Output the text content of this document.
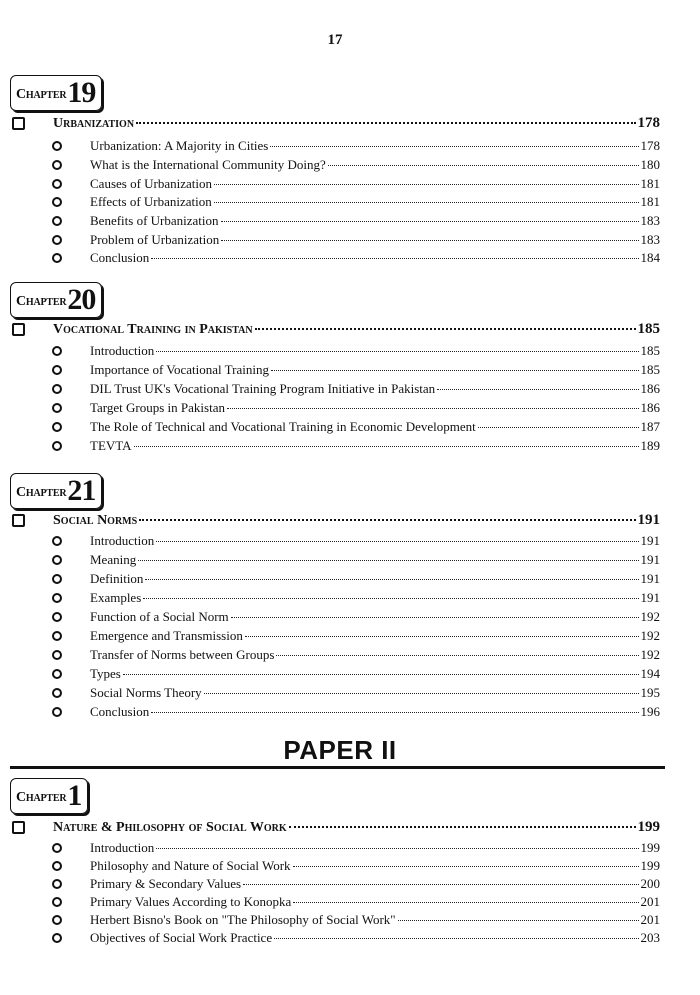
17
Chapter 19
Urbanization	178
Urbanization: A Majority in Cities	178
What is the International Community Doing?	180
Causes of Urbanization	181
Effects of Urbanization	181
Benefits of Urbanization	183
Problem of Urbanization	183
Conclusion	184
Chapter 20
Vocational Training in Pakistan	185
Introduction	185
Importance of Vocational Training	185
DIL Trust UK's Vocational Training Program Initiative in Pakistan	186
Target Groups in Pakistan	186
The Role of Technical and Vocational Training in Economic Development	187
TEVTA	189
Chapter 21
Social Norms	191
Introduction	191
Meaning	191
Definition	191
Examples	191
Function of a Social Norm	192
Emergence and Transmission	192
Transfer of Norms between Groups	192
Types	194
Social Norms Theory	195
Conclusion	196
PAPER II
Chapter 1
Nature & Philosophy of Social Work	199
Introduction	199
Philosophy and Nature of Social Work	199
Primary & Secondary Values	200
Primary Values According to Konopka	201
Herbert Bisno's Book on "The Philosophy of Social Work"	201
Objectives of Social Work Practice	203
